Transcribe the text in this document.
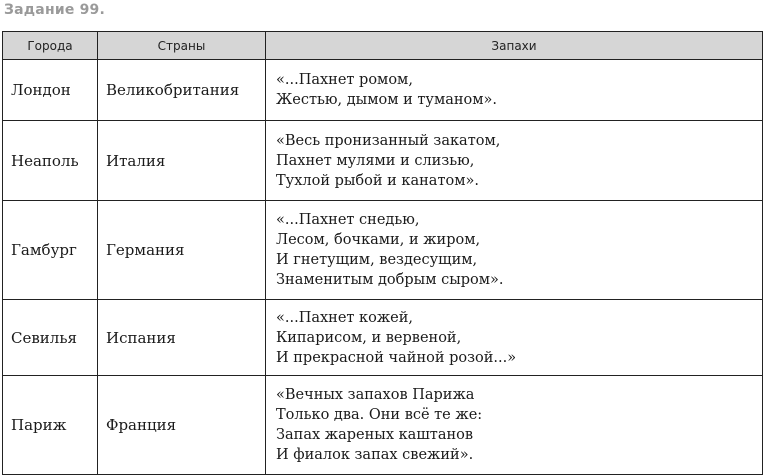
Задание 99.
Города	Страны	Запахи
Лондон	Великобритания	«...Пахнет ромом,
Жестью, дымом и туманом».

Неаполь	Италия	«Весь пронизанный закатом,
Пахнет мулями и слизью,
Тухлой рыбой и канатом».

Гамбург	Германия	«...Пахнет снедью,
Лесом, бочками, и жиром,
И гнетущим, вездесущим,
Знаменитым добрым сыром».

Севилья	Испания	«...Пахнет кожей,
Кипарисом, и вервеной,
И прекрасной чайной розой...»

Париж	Франция	«Вечных запахов Парижа
Только два. Они всё те же:
Запах жареных каштанов
И фиалок запах свежий».
